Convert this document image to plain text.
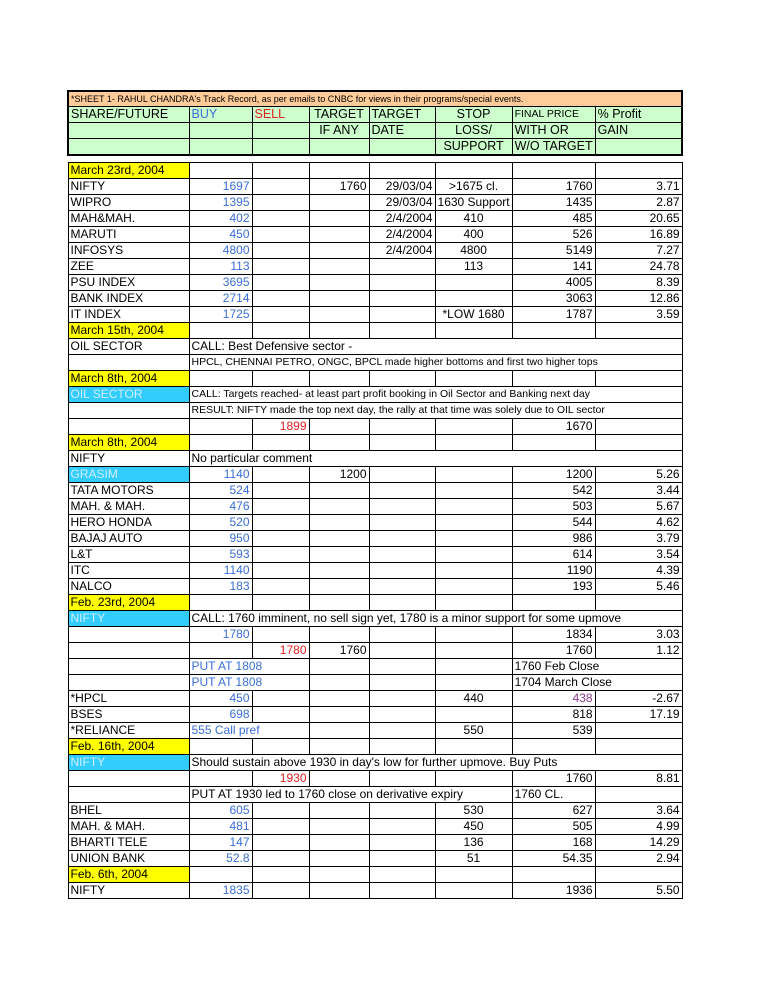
*SHEET 1- RAHUL CHANDRA's Track Record, as per emails to CNBC for views in their programs/special events.							
SHARE/FUTURE	BUY	SELL	TARGET	TARGET	STOP	FINAL PRICE	% Profit
			IF ANY	DATE	LOSS/	WITH OR	GAIN
					SUPPORT	W/O TARGET	

March 23rd, 2004							
NIFTY	1697		1760	29/03/04	>1675 cl.	1760	3.71
WIPRO	1395			29/03/04	1630 Support	1435	2.87
MAH&MAH.	402			2/4/2004	410	485	20.65
MARUTI	450			2/4/2004	400	526	16.89
INFOSYS	4800			2/4/2004	4800	5149	7.27
ZEE	113				113	141	24.78
PSU INDEX	3695					4005	8.39
BANK INDEX	2714					3063	12.86
IT INDEX	1725				*LOW 1680	1787	3.59
March 15th, 2004							
OIL SECTOR	CALL: Best Defensive sector -						
	HPCL, CHENNAI PETRO, ONGC, BPCL made higher bottoms and first two higher tops						
March 8th, 2004							
OIL SECTOR	CALL: Targets reached- at least part profit booking in Oil Sector and Banking next day						
	RESULT: NIFTY made the top next day, the rally at that time was solely due to OIL sector						
		1899				1670	
March 8th, 2004							
NIFTY	No particular comment						
GRASIM	1140		1200			1200	5.26
TATA MOTORS	524					542	3.44
MAH. & MAH.	476					503	5.67
HERO HONDA	520					544	4.62
BAJAJ AUTO	950					986	3.79
L&T	593					614	3.54
ITC	1140					1190	4.39
NALCO	183					193	5.46
Feb. 23rd, 2004							
NIFTY	CALL: 1760 imminent, no sell sign yet, 1780 is a minor support for some upmove						
	1780					1834	3.03
		1780	1760			1760	1.12
	PUT AT 1808					1760 Feb Close	
	PUT AT 1808					1704 March Close	
*HPCL	450				440	438	-2.67
BSES	698					818	17.19
*RELIANCE	555 Call pref				550	539	
Feb. 16th, 2004							
NIFTY	Should sustain above 1930 in day's low for further upmove. Buy Puts						
		1930				1760	8.81
	PUT AT 1930 led to 1760 close on derivative expiry					1760 CL.	
BHEL	605				530	627	3.64
MAH. & MAH.	481				450	505	4.99
BHARTI TELE	147				136	168	14.29
UNION BANK	52.8				51	54.35	2.94
Feb. 6th, 2004							
NIFTY	1835					1936	5.50
